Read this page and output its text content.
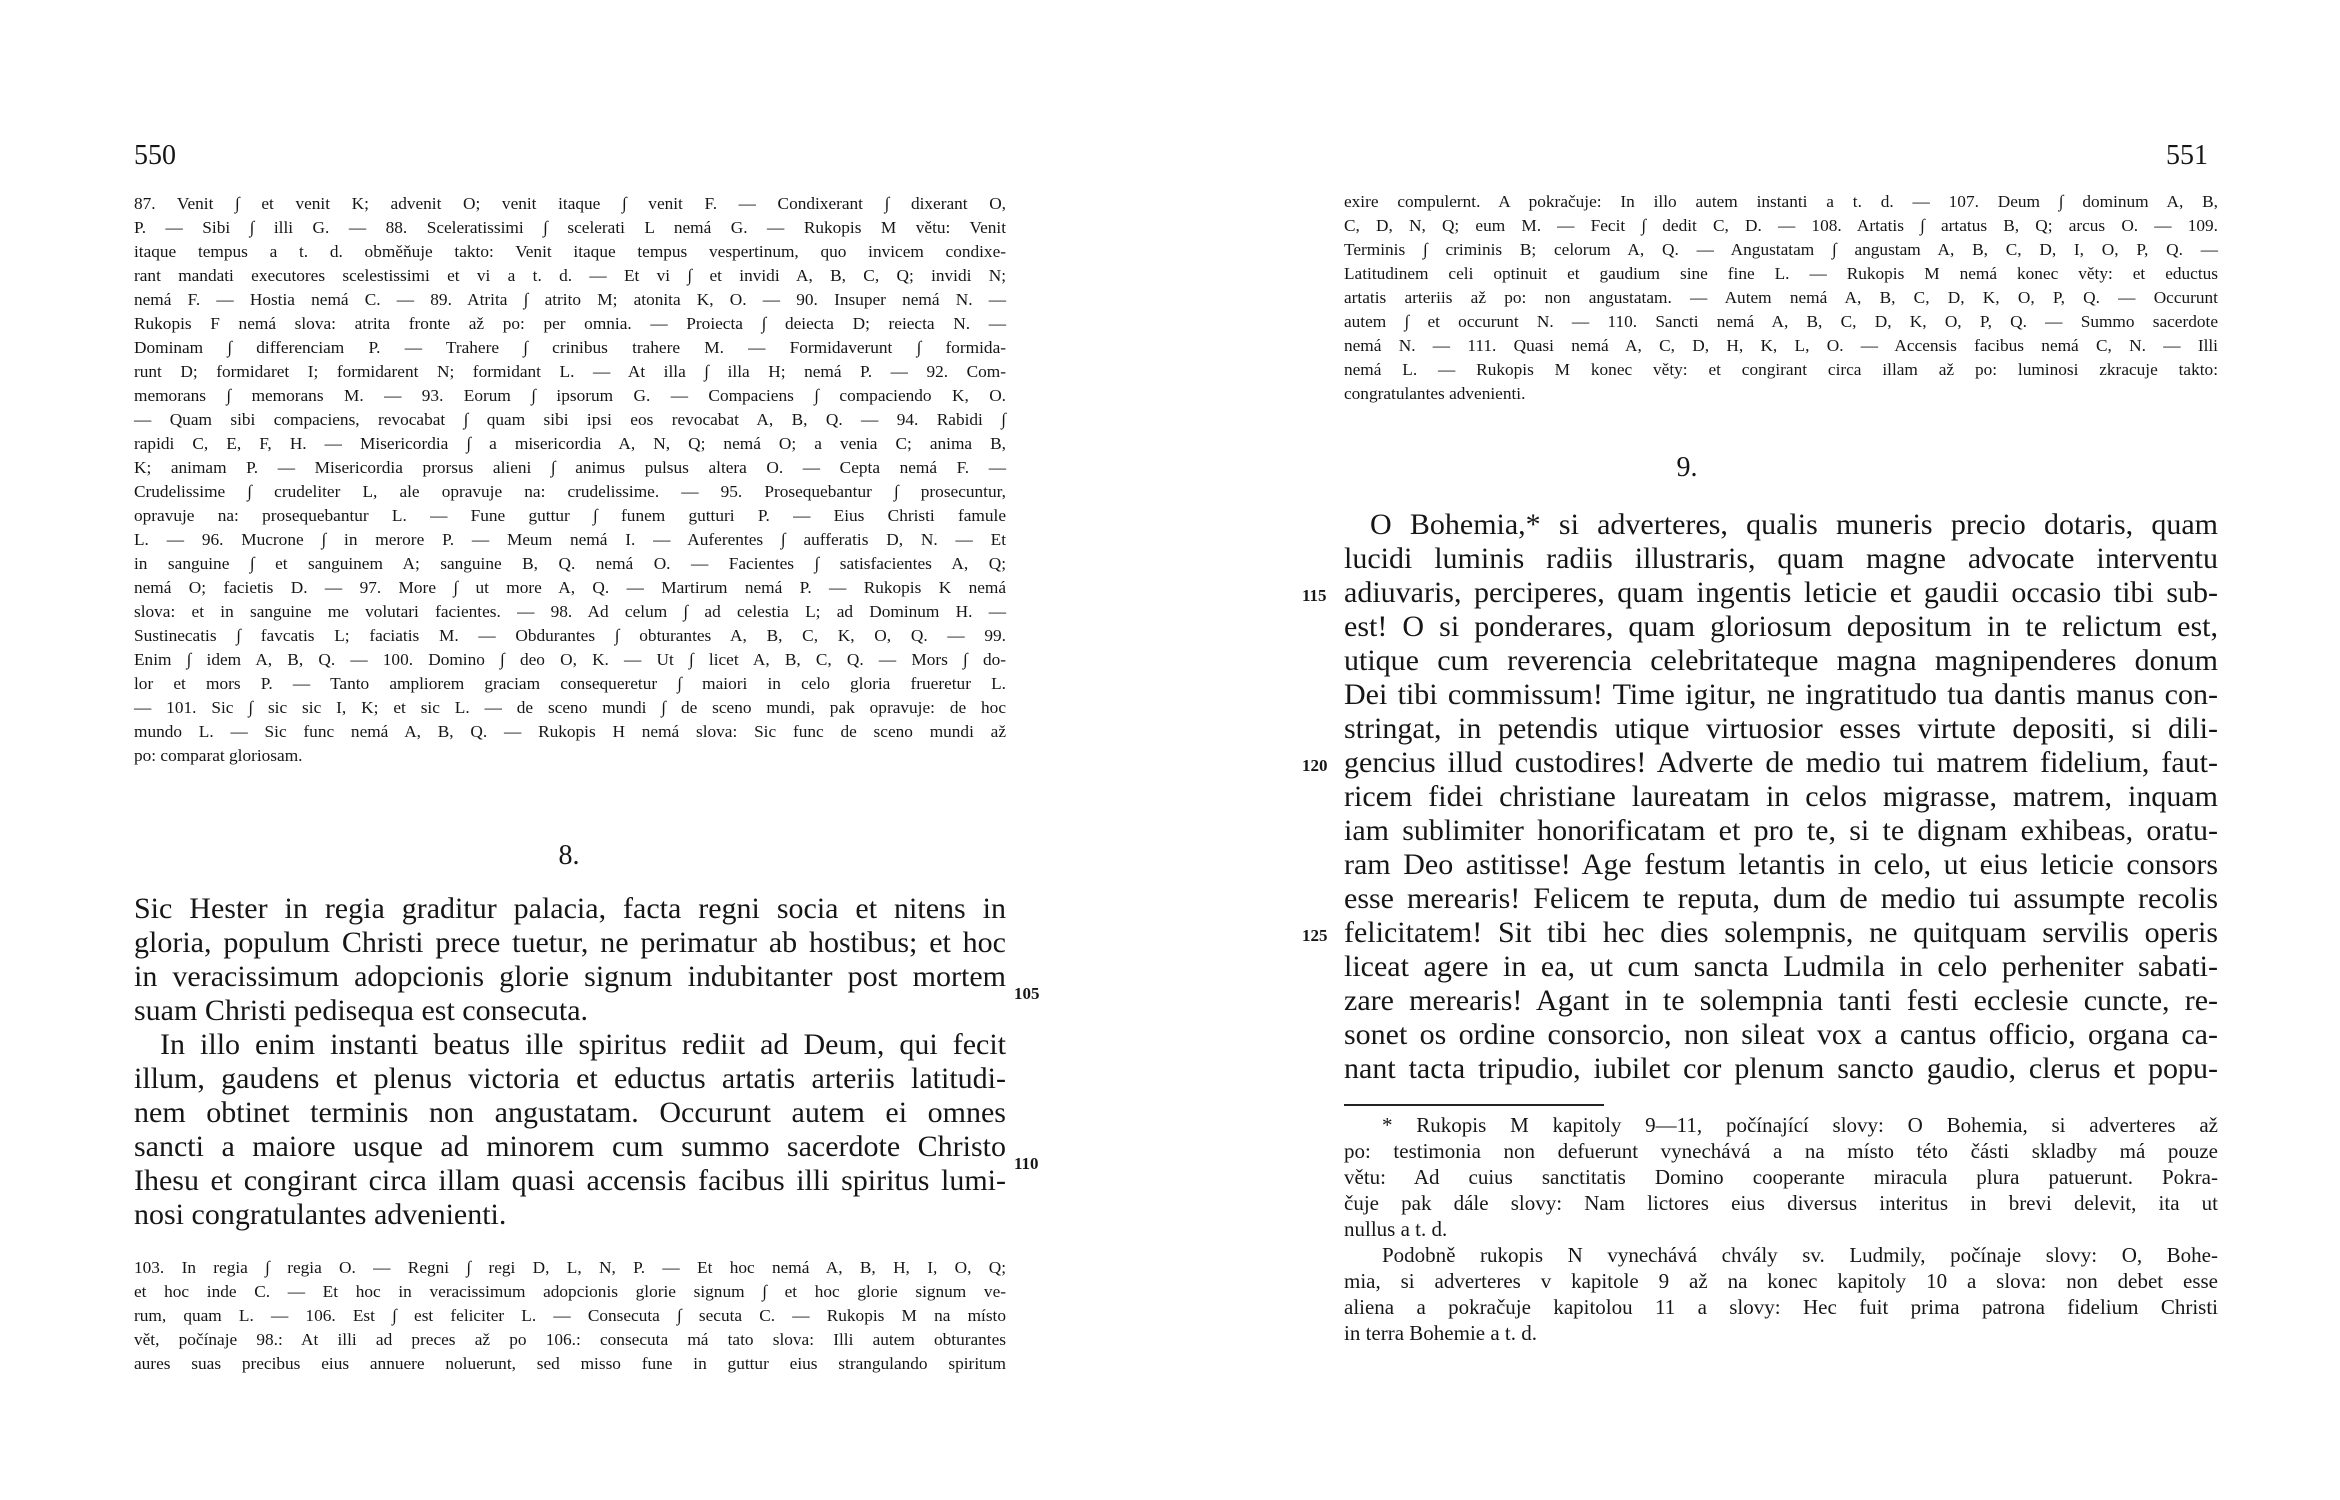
550
87. Venit ∫ et venit K; advenit O; venit itaque ∫ venit F. — Condixerant ∫ dixerant O,
P. — Sibi ∫ illi G. — 88. Sceleratissimi ∫ scelerati L nemá G. — Rukopis M větu: Venit
itaque tempus a t. d. obměňuje takto: Venit itaque tempus vespertinum, quo invicem condixe-
rant mandati executores scelestissimi et vi a t. d. — Et vi ∫ et invidi A, B, C, Q; invidi N;
nemá F. — Hostia nemá C. — 89. Atrita ∫ atrito M; atonita K, O. — 90. Insuper nemá N. —
Rukopis F nemá slova: atrita fronte až po: per omnia. — Proiecta ∫ deiecta D; reiecta N. —
Dominam ∫ differenciam P. — Trahere ∫ crinibus trahere M. — Formidaverunt ∫ formida-
runt D; formidaret I; formidarent N; formidant L. — At illa ∫ illa H; nemá P. — 92. Com-
memorans ∫ memorans M. — 93. Eorum ∫ ipsorum G. — Compaciens ∫ compaciendo K, O.
— Quam sibi compaciens, revocabat ∫ quam sibi ipsi eos revocabat A, B, Q. — 94. Rabidi ∫
rapidi C, E, F, H. — Misericordia ∫ a misericordia A, N, Q; nemá O; a venia C; anima B,
K; animam P. — Misericordia prorsus alieni ∫ animus pulsus altera O. — Cepta nemá F. —
Crudelissime ∫ crudeliter L, ale opravuje na: crudelissime. — 95. Prosequebantur ∫ prosecuntur,
opravuje na: prosequebantur L. — Fune guttur ∫ funem gutturi P. — Eius Christi famule
L. — 96. Mucrone ∫ in merore P. — Meum nemá I. — Auferentes ∫ aufferatis D, N. — Et
in sanguine ∫ et sanguinem A; sanguine B, Q. nemá O. — Facientes ∫ satisfacientes A, Q;
nemá O; facietis D. — 97. More ∫ ut more A, Q. — Martirum nemá P. — Rukopis K nemá
slova: et in sanguine me volutari facientes. — 98. Ad celum ∫ ad celestia L; ad Dominum H. —
Sustinecatis ∫ favcatis L; faciatis M. — Obdurantes ∫ obturantes A, B, C, K, O, Q. — 99.
Enim ∫ idem A, B, Q. — 100. Domino ∫ deo O, K. — Ut ∫ licet A, B, C, Q. — Mors ∫ do-
lor et mors P. — Tanto ampliorem graciam consequeretur ∫ maiori in celo gloria frueretur L.
— 101. Sic ∫ sic sic I, K; et sic L. — de sceno mundi ∫ de sceno mundi, pak opravuje: de hoc
mundo L. — Sic func nemá A, B, Q. — Rukopis H nemá slova: Sic func de sceno mundi až
po: comparat gloriosam.
8.
Sic Hester in regia graditur palacia, facta regni socia et nitens in
gloria, populum Christi prece tuetur, ne perimatur ab hostibus; et hoc
in veracissimum adopcionis glorie signum indubitanter post mortem
suam Christi pedisequa est consecuta.
In illo enim instanti beatus ille spiritus rediit ad Deum, qui fecit
illum, gaudens et plenus victoria et eductus artatis arteriis latitudi-
nem obtinet terminis non angustatam. Occurunt autem ei omnes
sancti a maiore usque ad minorem cum summo sacerdote Christo
Ihesu et congirant circa illam quasi accensis facibus illi spiritus lumi-
nosi congratulantes advenienti.
105
110
103. In regia ∫ regia O. — Regni ∫ regi D, L, N, P. — Et hoc nemá A, B, H, I, O, Q;
et hoc inde C. — Et hoc in veracissimum adopcionis glorie signum ∫ et hoc glorie signum ve-
rum, quam L. — 106. Est ∫ est feliciter L. — Consecuta ∫ secuta C. — Rukopis M na místo
vět, počínaje 98.: At illi ad preces až po 106.: consecuta má tato slova: Illi autem obturantes
aures suas precibus eius annuere noluerunt, sed misso fune in guttur eius strangulando spiritum
551
exire compulernt. A pokračuje: In illo autem instanti a t. d. — 107. Deum ∫ dominum A, B,
C, D, N, Q; eum M. — Fecit ∫ dedit C, D. — 108. Artatis ∫ artatus B, Q; arcus O. — 109.
Terminis ∫ criminis B; celorum A, Q. — Angustatam ∫ angustam A, B, C, D, I, O, P, Q. —
Latitudinem celi optinuit et gaudium sine fine L. — Rukopis M nemá konec věty: et eductus
artatis arteriis až po: non angustatam. — Autem nemá A, B, C, D, K, O, P, Q. — Occurunt
autem ∫ et occurunt N. — 110. Sancti nemá A, B, C, D, K, O, P, Q. — Summo sacerdote
nemá N. — 111. Quasi nemá A, C, D, H, K, L, O. — Accensis facibus nemá C, N. — Illi
nemá L. — Rukopis M konec věty: et congirant circa illam až po: luminosi zkracuje takto:
congratulantes advenienti.
9.
115
120
125
O Bohemia,* si adverteres, qualis muneris precio dotaris, quam
lucidi luminis radiis illustraris, quam magne advocate interventu
adiuvaris, perciperes, quam ingentis leticie et gaudii occasio tibi sub-
est! O si ponderares, quam gloriosum depositum in te relictum est,
utique cum reverencia celebritateque magna magnipenderes donum
Dei tibi commissum! Time igitur, ne ingratitudo tua dantis manus con-
stringat, in petendis utique virtuosior esses virtute depositi, si dili-
gencius illud custodires! Adverte de medio tui matrem fidelium, faut-
ricem fidei christiane laureatam in celos migrasse, matrem, inquam
iam sublimiter honorificatam et pro te, si te dignam exhibeas, oratu-
ram Deo astitisse! Age festum letantis in celo, ut eius leticie consors
esse merearis! Felicem te reputa, dum de medio tui assumpte recolis
felicitatem! Sit tibi hec dies solempnis, ne quitquam servilis operis
liceat agere in ea, ut cum sancta Ludmila in celo perheniter sabati-
zare merearis! Agant in te solempnia tanti festi ecclesie cuncte, re-
sonet os ordine consorcio, non sileat vox a cantus officio, organa ca-
nant tacta tripudio, iubilet cor plenum sancto gaudio, clerus et popu-
* Rukopis M kapitoly 9—11, počínající slovy: O Bohemia, si adverteres až
po: testimonia non defuerunt vynechává a na místo této části skladby má pouze
větu: Ad cuius sanctitatis Domino cooperante miracula plura patuerunt. Pokra-
čuje pak dále slovy: Nam lictores eius diversus interitus in brevi delevit, ita ut
nullus a t. d.
Podobně rukopis N vynechává chvály sv. Ludmily, počínaje slovy: O, Bohe-
mia, si adverteres v kapitole 9 až na konec kapitoly 10 a slova: non debet esse
aliena a pokračuje kapitolou 11 a slovy: Hec fuit prima patrona fidelium Christi
in terra Bohemie a t. d.
